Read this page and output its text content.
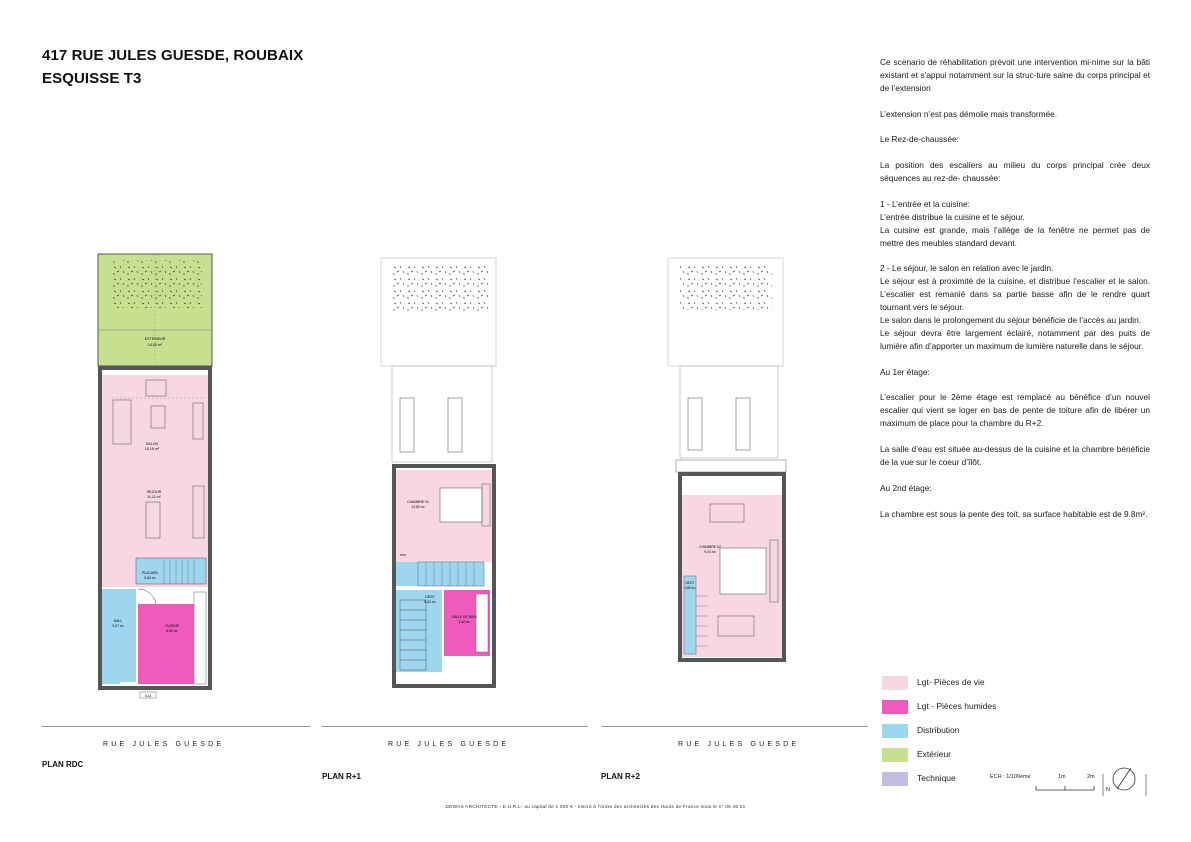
417 RUE JULES GUESDE, ROUBAIX
ESQUISSE T3

Ce scenario de réhabilitation prévoit une intervention mi-nime sur la bâti existant et s’appui notamment sur la struc-ture saine du corps principal et de l’extension

L’extension n’est pas démolie mais transformée.

Le Rez-de-chaussée:

La position des escaliers au milieu du corps principal crée deux séquences au rez-de- chaussée:

1 - L’entrée et la cuisine:

L’entrée distribue la cuisine et le séjour.

La cuisine est grande, mais l’allège de la fenêtre ne permet pas de mettre des meubles standard devant.

2 - Le séjour, le salon en relation avec le jardin.

Le séjour est à proximité de la cuisine, et distribue l’escalier et le salon. L’escalier est remanié dans sa partie basse afin de le rendre quart tournant vers le séjour.

Le salon dans le prolongement du séjour bénéficie de l’accès au jardin.

Le séjour devra être largement éclairé, notamment par des puits de lumière afin d’apporter un maximum de lumière naturelle dans le séjour.

Au 1er étage:

L’escalier pour le 2ème étage est remplacé au bénéfice d’un nouvel escalier qui vient se loger en bas de pente de toiture afin de libérer un maximum de place pour la chambre du R+2.

La salle d’eau est située au-dessus de la cuisine et la chambre bénéficie de la vue sur le coeur d’îlôt.

Au 2nd étage:

La chambre est sous la pente des toit, sa surface habitable est de 9.8m².

EXTERIEUR
14,09 m²
SALON
10,15 m²
SEJOUR
11,11 m²
PLACARD
0,84 m²
HALL
3,07 m²	CUISINE
6,80 m²
0,14
CHAMBRE 01
13,80 m²
PPD
DEGT
5,34 m²
SALLE DE BAIN
3,42 m²
CHAMBRE 02
9,24 m²
DEGT
0,80 m²
RUE JULES GUESDE	RUE JULES GUESDE	RUE JULES GUESDE
PLAN RDC
PLAN R+1	PLAN R+2
Lgt- Pièces de vie
Lgt - Pièces humides
Distribution
Extérieur
Technique	ECH : 1/100ème	1m	2m
N
DEWAS ARCHITECTE - E.U.R.L- au capital de 1 000 € - inscrit à l’ordre des architectes des Hauts de France sous le n° 08 46 21
